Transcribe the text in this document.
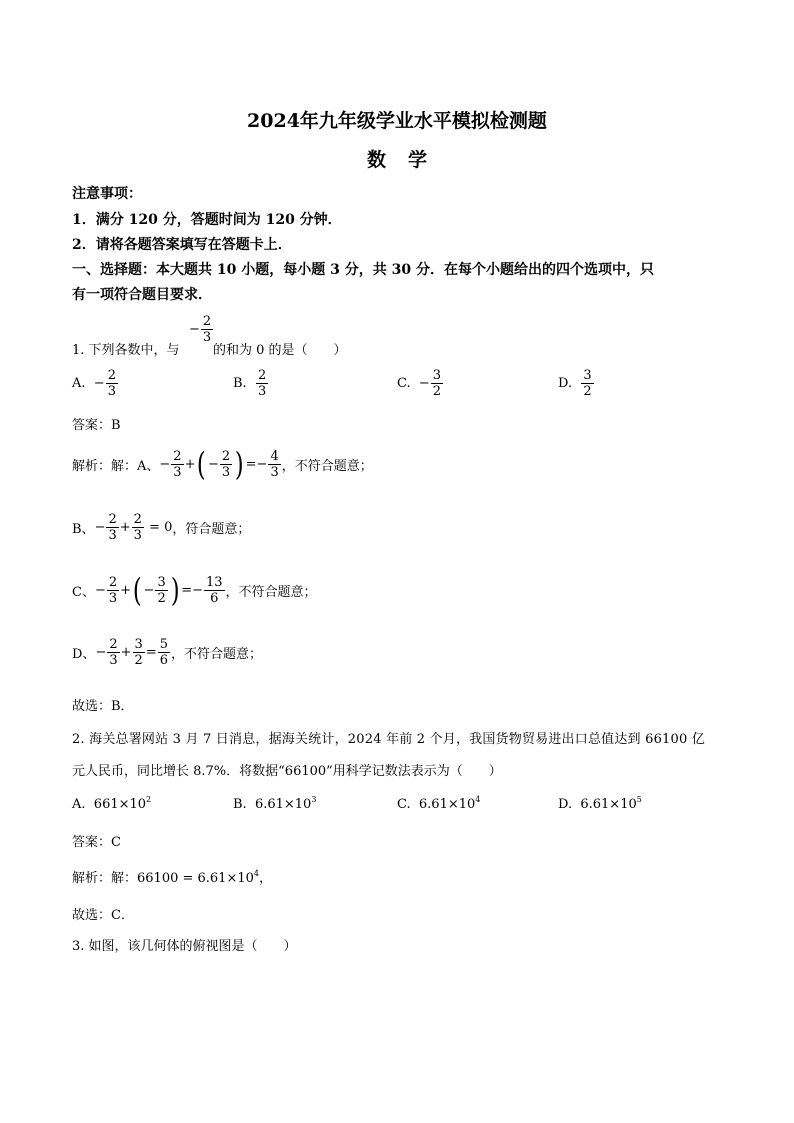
2024年九年级学业水平模拟检测题
数学
注意事项：
1．满分 120 分，答题时间为 120 分钟．
2．请将各题答案填写在答题卡上．
一、选择题：本大题共 10 小题，每小题 3 分，共 30 分．在每个小题给出的四个选项中，只
有一项符合题目要求．
1. 下列各数中，与
− $\frac{2}{3}$
的和为 0 的是（　　）
A.
− $\frac{2}{3}$	B.
$\frac{2}{3}$	C.
− $\frac{3}{2}$	D.
$\frac{3}{2}$
答案：B
解析：解：A、 − $\frac{2}{3}$ + ( − $\frac{2}{3}$ ) =− $\frac{4}{3}$ ，不符合题意；
B、 − $\frac{2}{3} + \frac{2}{3} = 0$ ，符合题意；
C、 − $\frac{2}{3}$ + ( − $\frac{3}{2}$ ) =− $\frac{13}{6}$ ，不符合题意；
D、 − $\frac{2}{3} + \frac{3}{2} = \frac{5}{6}$ ，不符合题意；
故选：B．
2. 海关总署网站 3 月 7 日消息，据海关统计，2024 年前 2 个月，我国货物贸易进出口总值达到 66100 亿
元人民币，同比增长 8.7%．将数据“66100”用科学记数法表示为（　　）
A. $661\times 10^2$	B. $6.61\times 10^3$	C. $6.61\times 10^4$	D. $6.61\times 10^5$
答案：C
解析：解：$66100 = 6.61\times 10^4$，
故选：C．
3. 如图，该几何体的俯视图是（　　）
